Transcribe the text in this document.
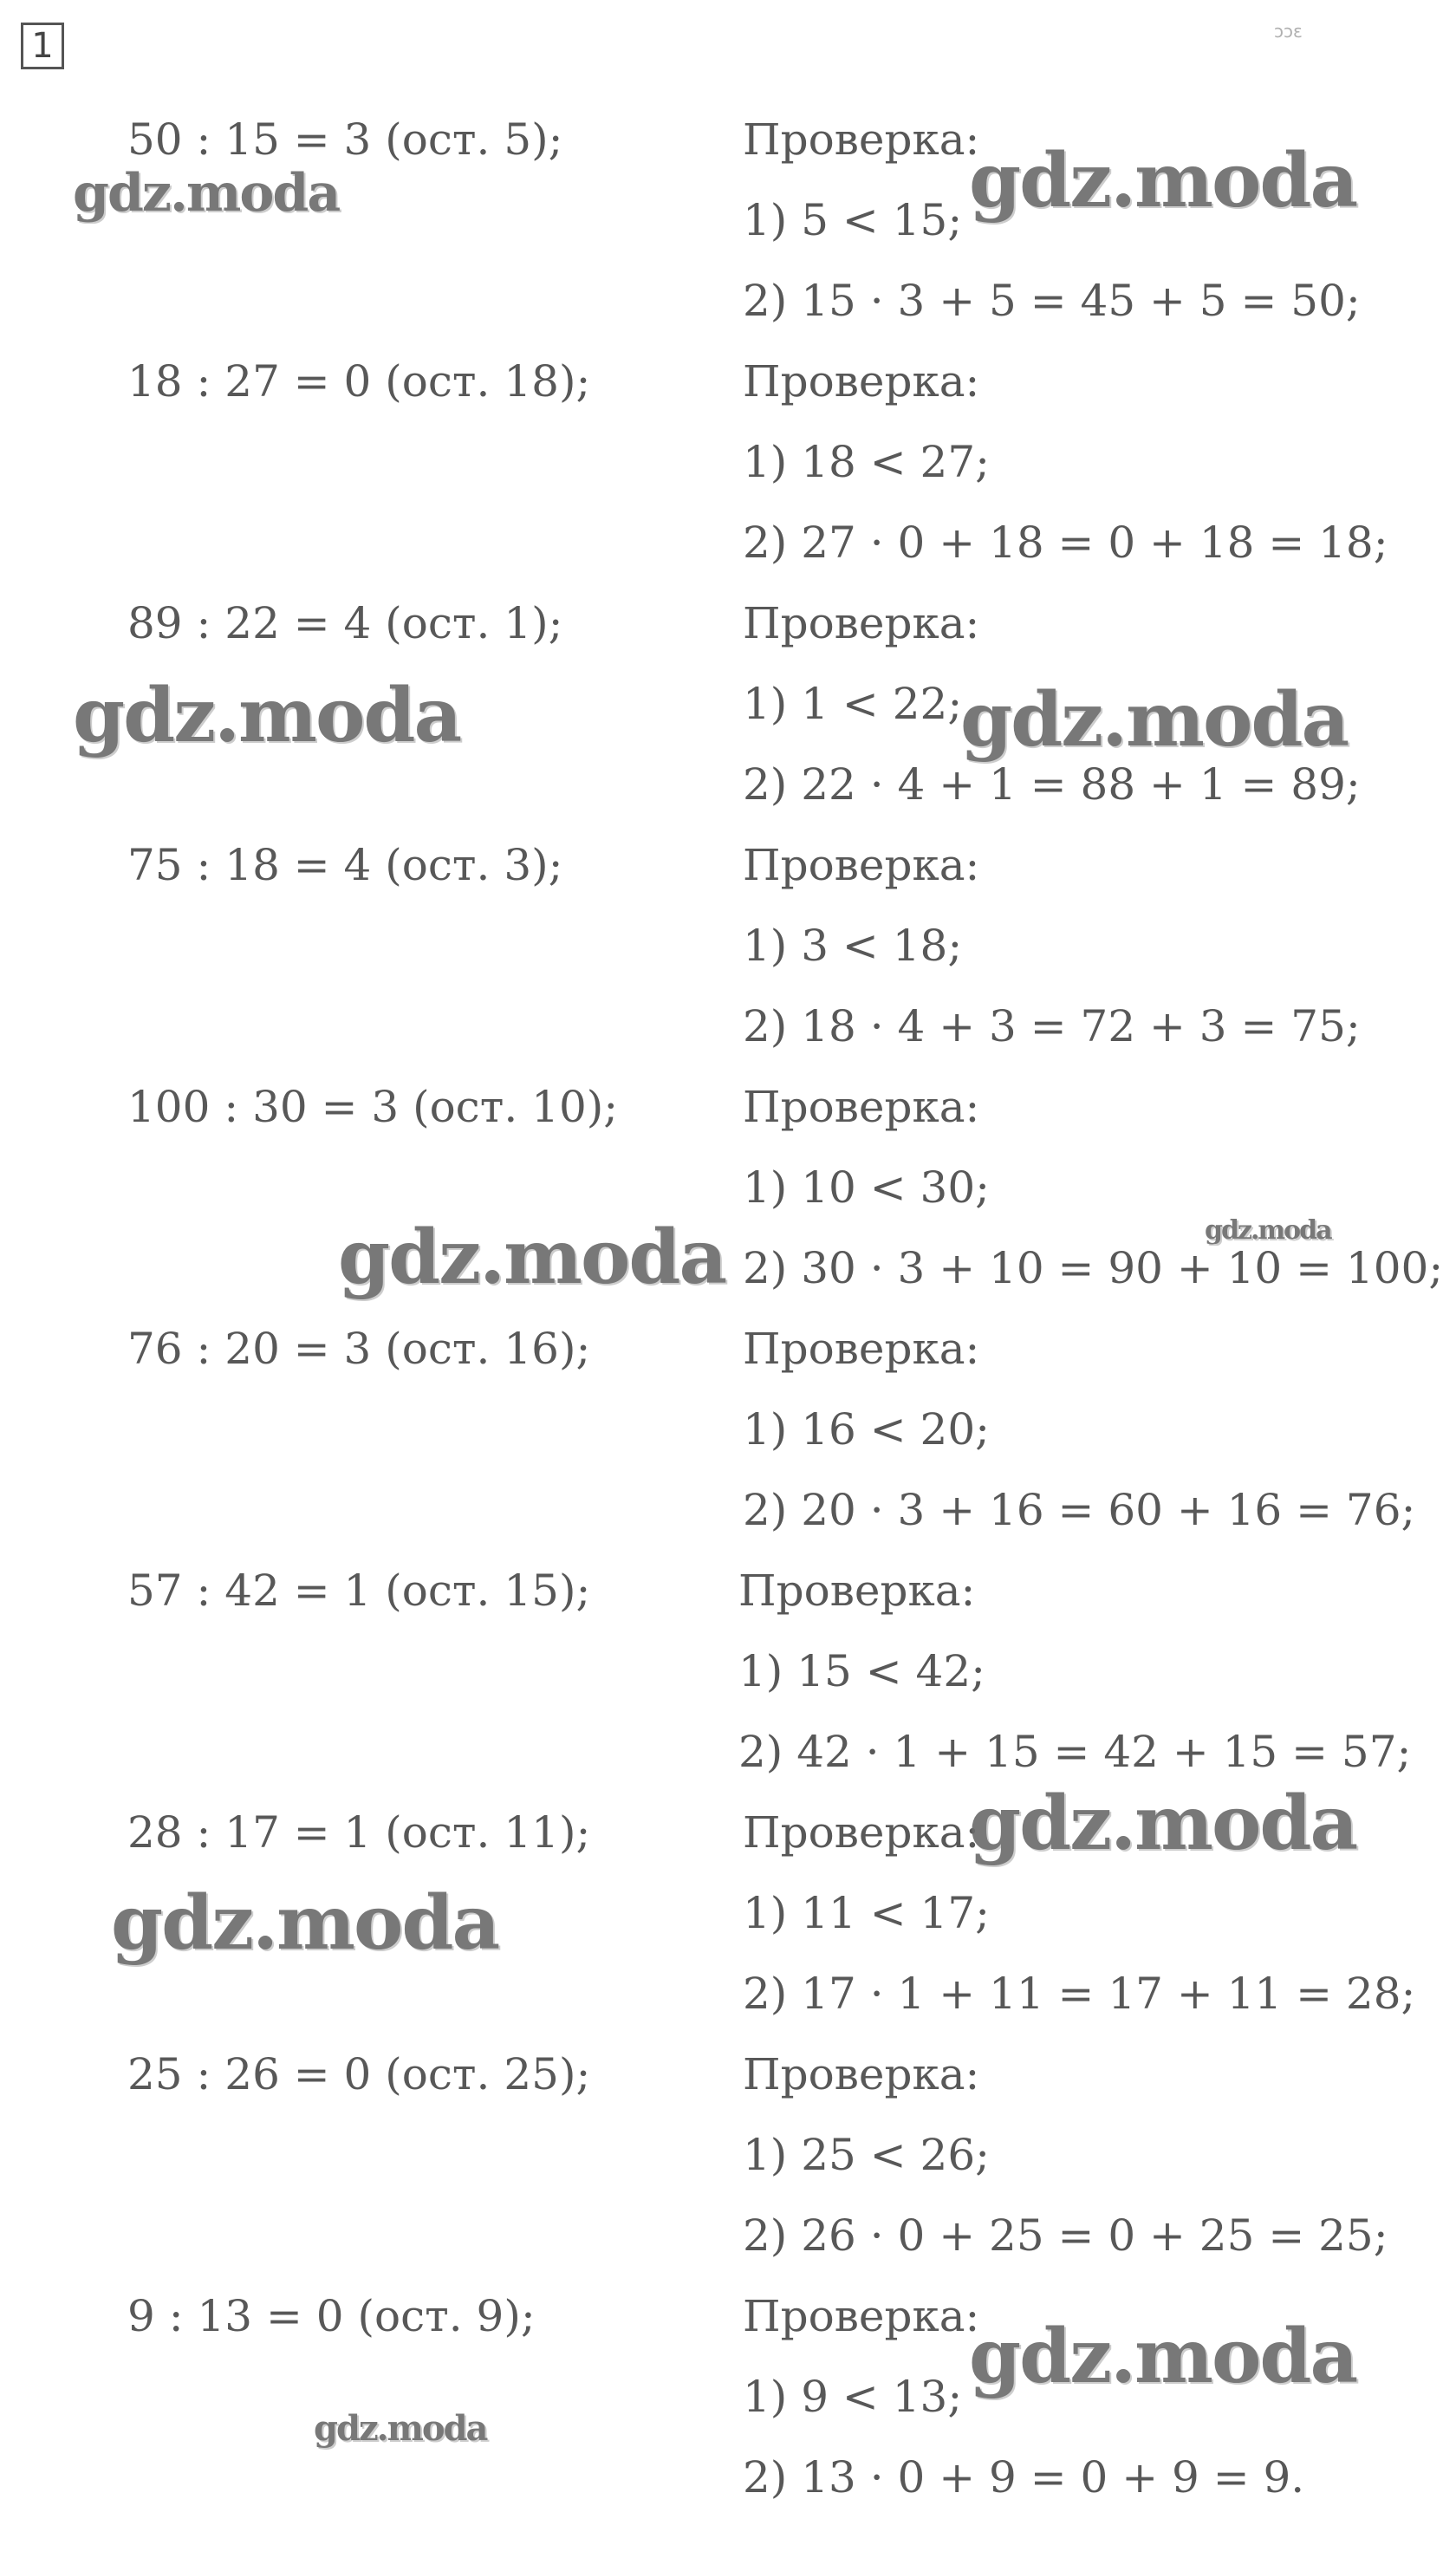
1	ɔɔɛ
50 : 15 = 3 (ост. 5);	Проверка:
1) 5 < 15;
2) 15 · 3 + 5 = 45 + 5 = 50;
18 : 27 = 0 (ост. 18);	Проверка:
1) 18 < 27;
2) 27 · 0 + 18 = 0 + 18 = 18;
89 : 22 = 4 (ост. 1);	Проверка:
1) 1 < 22;
2) 22 · 4 + 1 = 88 + 1 = 89;
75 : 18 = 4 (ост. 3);	Проверка:
1) 3 < 18;
2) 18 · 4 + 3 = 72 + 3 = 75;
100 : 30 = 3 (ост. 10);	Проверка:
1) 10 < 30;
2) 30 · 3 + 10 = 90 + 10 = 100;
76 : 20 = 3 (ост. 16);	Проверка:
1) 16 < 20;
2) 20 · 3 + 16 = 60 + 16 = 76;
57 : 42 = 1 (ост. 15);	Проверка:
1) 15 < 42;
2) 42 · 1 + 15 = 42 + 15 = 57;
28 : 17 = 1 (ост. 11);	Проверка:
1) 11 < 17;
2) 17 · 1 + 11 = 17 + 11 = 28;
25 : 26 = 0 (ост. 25);	Проверка:
1) 25 < 26;
2) 26 · 0 + 25 = 0 + 25 = 25;
9 : 13 = 0 (ост. 9);	Проверка:
1) 9 < 13;
2) 13 · 0 + 9 = 0 + 9 = 9.
gdz.moda	gdz.moda
gdz.moda	gdz.moda
gdz.moda	gdz.moda
gdz.moda
gdz.moda
gdz.moda
gdz.moda
